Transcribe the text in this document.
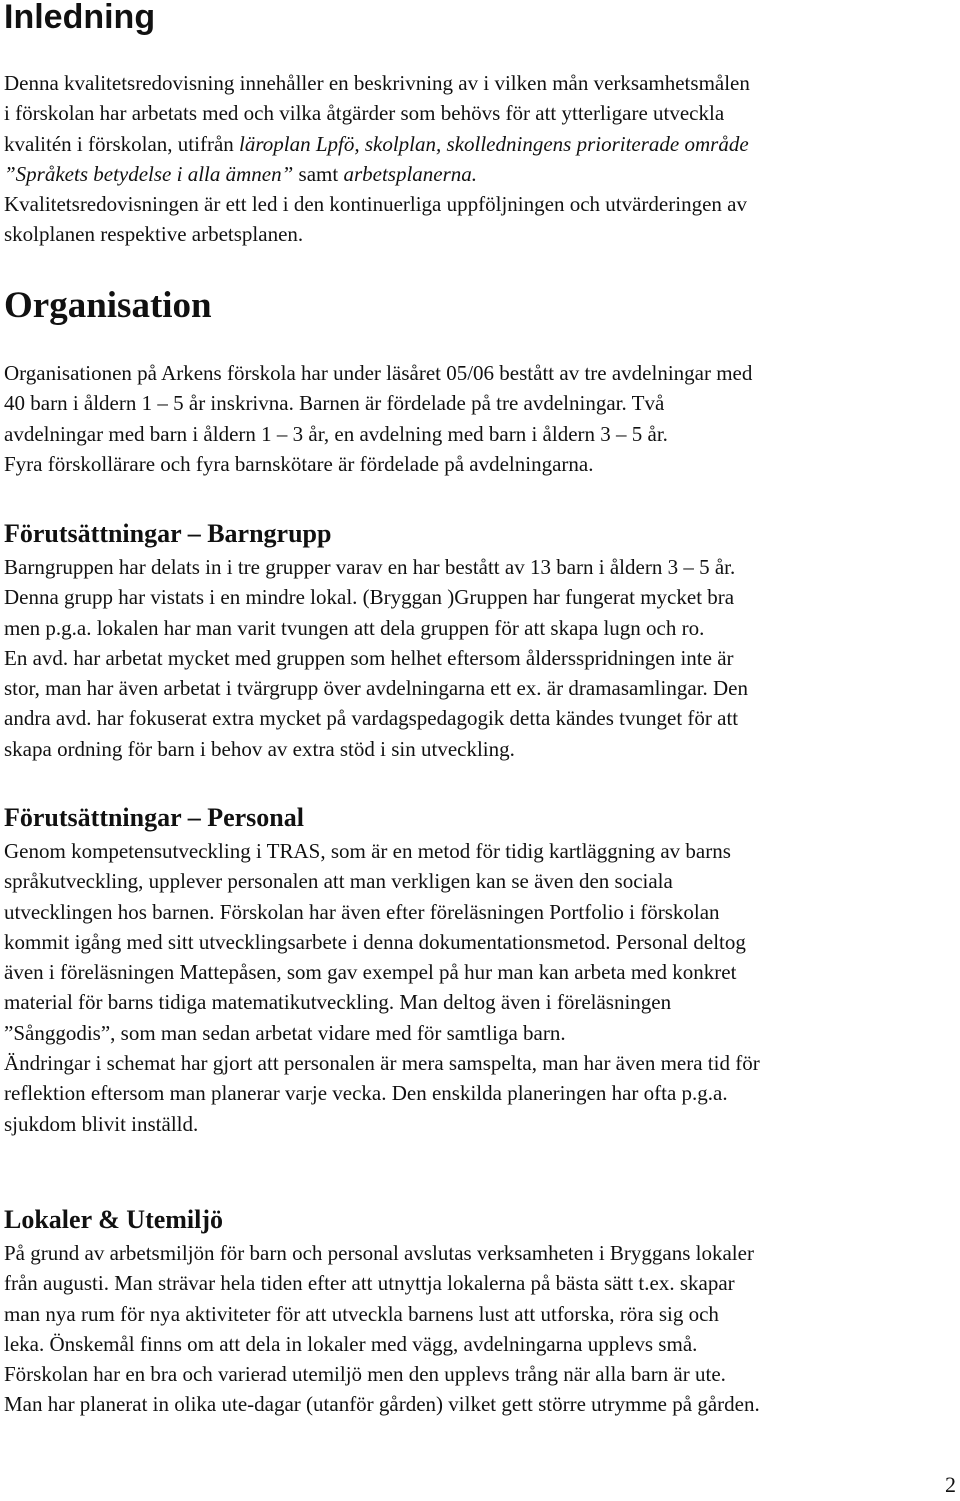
Inledning
Denna kvalitetsredovisning innehåller en beskrivning av i vilken mån verksamhetsmålen
i förskolan har arbetats med och vilka åtgärder som behövs för att ytterligare utveckla
kvalitén i förskolan, utifrån läroplan Lpfö, skolplan, skolledningens prioriterade område
”Språkets betydelse i alla ämnen” samt arbetsplanerna.
Kvalitetsredovisningen är ett led i den kontinuerliga uppföljningen och utvärderingen av
skolplanen respektive arbetsplanen.
Organisation
Organisationen på Arkens förskola har under läsåret 05/06 bestått av tre avdelningar med
40 barn i åldern 1 – 5 år inskrivna. Barnen är fördelade på tre avdelningar. Två
avdelningar med barn i åldern 1 – 3 år, en avdelning med barn i åldern 3 – 5 år.
Fyra förskollärare och fyra barnskötare är fördelade på avdelningarna.
Förutsättningar – Barngrupp
Barngruppen har delats in i tre grupper varav en har bestått av 13 barn i åldern 3 – 5 år.
Denna grupp har vistats i en mindre lokal. (Bryggan )Gruppen har fungerat mycket bra
men p.g.a. lokalen har man varit tvungen att dela gruppen för att skapa lugn och ro.
En avd. har arbetat mycket med gruppen som helhet eftersom åldersspridningen inte är
stor, man har även arbetat i tvärgrupp över avdelningarna ett ex. är dramasamlingar. Den
andra avd. har fokuserat extra mycket på vardagspedagogik detta kändes tvunget för att
skapa ordning för barn i behov av extra stöd i sin utveckling.
Förutsättningar – Personal
Genom kompetensutveckling i TRAS, som är en metod för tidig kartläggning av barns
språkutveckling, upplever personalen att man verkligen kan se även den sociala
utvecklingen hos barnen. Förskolan har även efter föreläsningen Portfolio i förskolan
kommit igång med sitt utvecklingsarbete i denna dokumentationsmetod. Personal deltog
även i föreläsningen Mattepåsen, som gav exempel på hur man kan arbeta med konkret
material för barns tidiga matematikutveckling. Man deltog även i föreläsningen
”Sånggodis”, som man sedan arbetat vidare med för samtliga barn.
Ändringar i schemat har gjort att personalen är mera samspelta, man har även mera tid för
reflektion eftersom man planerar varje vecka. Den enskilda planeringen har ofta p.g.a.
sjukdom blivit inställd.
Lokaler & Utemiljö
På grund av arbetsmiljön för barn och personal avslutas verksamheten i Bryggans lokaler
från augusti. Man strävar hela tiden efter att utnyttja lokalerna på bästa sätt t.ex. skapar
man nya rum för nya aktiviteter för att utveckla barnens lust att utforska, röra sig och
leka. Önskemål finns om att dela in lokaler med vägg, avdelningarna upplevs små.
Förskolan har en bra och varierad utemiljö men den upplevs trång när alla barn är ute.
Man har planerat in olika ute-dagar (utanför gården) vilket gett större utrymme på gården.
2
